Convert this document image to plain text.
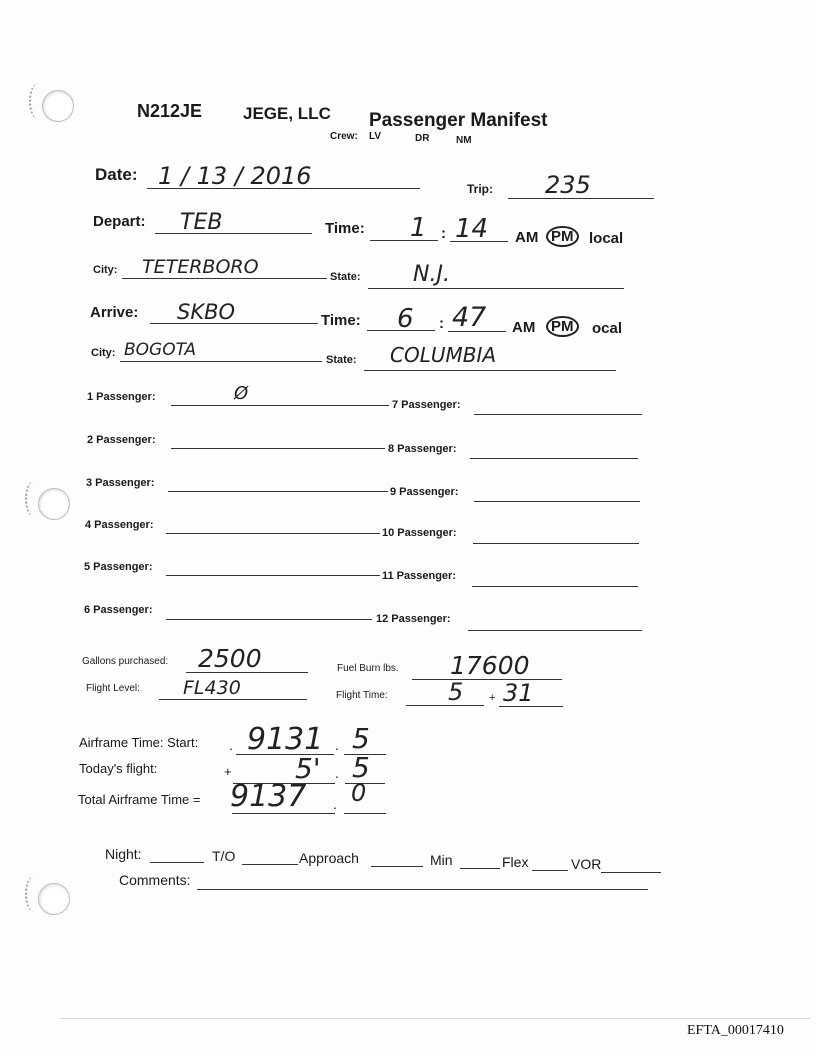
N212JE JEGE, LLC Passenger Manifest
Crew: LV	DR	NM
Date: 1 / 13 / 2016	Trip: 235
Depart: TEB	Time: 1 : 14 AM PM	local
City: TETERBORO	State: N.J.
Arrive: SKBO	Time: 6 : 47 AM	PM	ocal
City: BOGOTA	State: COLUMBIA
1 Passenger:	Ø
7 Passenger:
2 Passenger:
8 Passenger:
3 Passenger:
9 Passenger:
4 Passenger:
10 Passenger:
5 Passenger:
11 Passenger:
6 Passenger:
12 Passenger:
Gallons purchased: 2500	Fuel Burn lbs. 17600
Flight Level: FL430	Flight Time:	5 + 31
Airframe Time: Start: . 9131 . 5
Today's flight:	+ 5' . 5
Total Airframe Time = 9137 . 0
Night:	T/O	Approach	Min	Flex	VOR
Comments:
EFTA_00017410
